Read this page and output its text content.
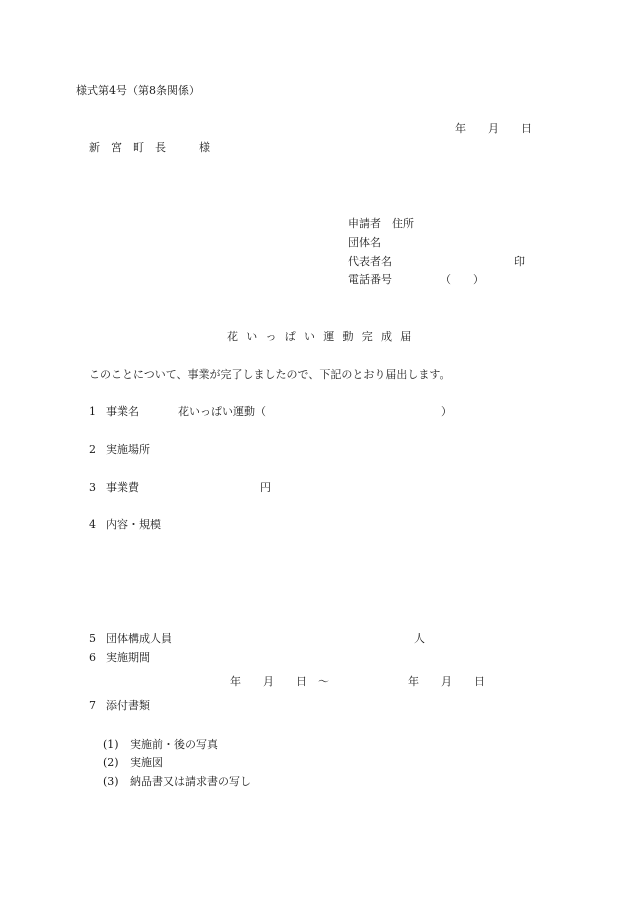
様式第4号（第8条関係）
年　　月　　日
新　宮　町　長　　　様
申請者　住所
団体名
代表者名	印
電話番号	（　　）
花いっぱい運動完成届
このことについて、事業が完了しましたので、下記のとおり届出します。
1 事業名	花いっぱい運動（	）
2 実施場所
3 事業費	円
4 内容・規模
5 団体構成人員	人
6 実施期間
年　　月　　日　〜	年　　月　　日
7 添付書類
(1) 実施前・後の写真
(2) 実施図
(3) 納品書又は請求書の写し
